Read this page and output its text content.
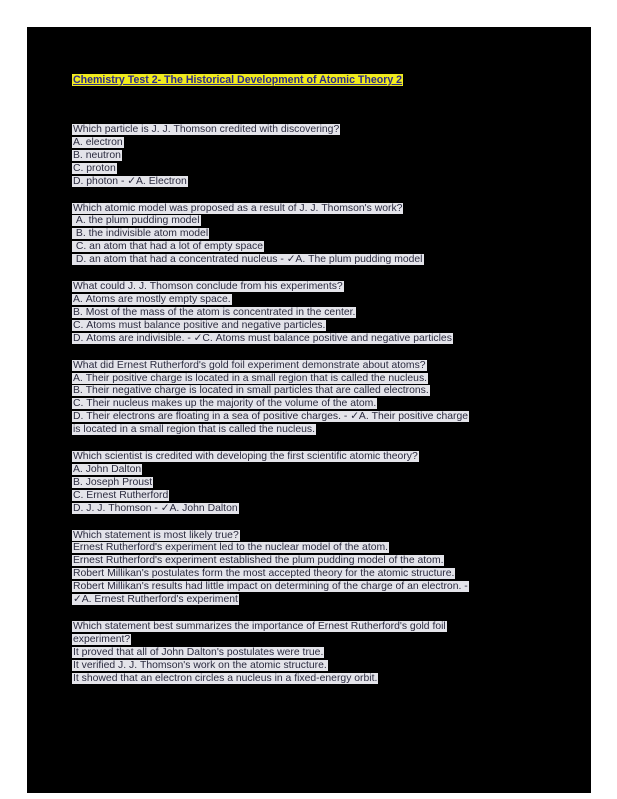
Chemistry Test 2- The Historical Development of Atomic Theory 2
Which particle is J. J. Thomson credited with discovering?
A. electron
B. neutron
C. proton
D. photon - ✓A. Electron
Which atomic model was proposed as a result of J. J. Thomson's work?
A. the plum pudding model
B. the indivisible atom model
C. an atom that had a lot of empty space
D. an atom that had a concentrated nucleus - ✓A. The plum pudding model
What could J. J. Thomson conclude from his experiments?
A. Atoms are mostly empty space.
B. Most of the mass of the atom is concentrated in the center.
C. Atoms must balance positive and negative particles.
D. Atoms are indivisible. - ✓C. Atoms must balance positive and negative particles
What did Ernest Rutherford's gold foil experiment demonstrate about atoms?
A. Their positive charge is located in a small region that is called the nucleus.
B. Their negative charge is located in small particles that are called electrons.
C. Their nucleus makes up the majority of the volume of the atom.
D. Their electrons are floating in a sea of positive charges. - ✓A. Their positive charge
is located in a small region that is called the nucleus.
Which scientist is credited with developing the first scientific atomic theory?
A. John Dalton
B. Joseph Proust
C. Ernest Rutherford
D. J. J. Thomson - ✓A. John Dalton
Which statement is most likely true?
Ernest Rutherford's experiment led to the nuclear model of the atom.
Ernest Rutherford's experiment established the plum pudding model of the atom.
Robert Millikan's postulates form the most accepted theory for the atomic structure.
Robert Millikan's results had little impact on determining of the charge of an electron. -
✓A. Ernest Rutherford's experiment
Which statement best summarizes the importance of Ernest Rutherford's gold foil
experiment?
It proved that all of John Dalton's postulates were true.
It verified J. J. Thomson's work on the atomic structure.
It showed that an electron circles a nucleus in a fixed-energy orbit.
